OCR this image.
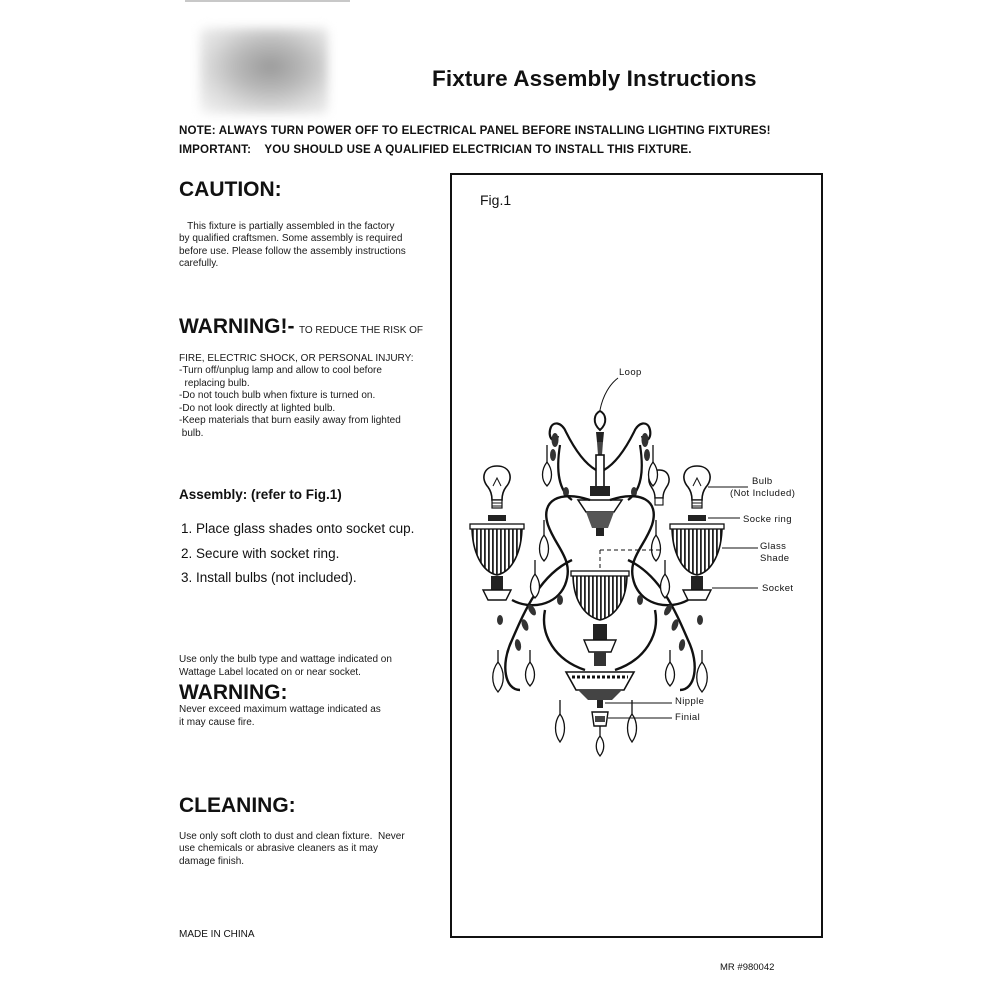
Fixture Assembly Instructions
NOTE: ALWAYS TURN POWER OFF TO ELECTRICAL PANEL BEFORE INSTALLING LIGHTING FIXTURES!
IMPORTANT:    YOU SHOULD USE A QUALIFIED ELECTRICIAN TO INSTALL THIS FIXTURE.
CAUTION:

This fixture is partially assembled in the factory
by qualified craftsmen. Some assembly is required
before use. Please follow the assembly instructions
carefully.
WARNING!- TO REDUCE THE RISK OF

FIRE, ELECTRIC SHOCK, OR PERSONAL INJURY:
-Turn off/unplug lamp and allow to cool before
replacing bulb.
-Do not touch bulb when fixture is turned on.
-Do not look directly at lighted bulb.
-Keep materials that burn easily away from lighted
bulb.
Assembly: (refer to Fig.1)
1. Place glass shades onto socket cup.
2. Secure with socket ring.
3. Install bulbs (not included).
Use only the bulb type and wattage indicated on
Wattage Label located on or near socket.
WARNING:
Never exceed maximum wattage indicated as
it may cause fire.
CLEANING:

Use only soft cloth to dust and clean fixture.  Never
use chemicals or abrasive cleaners as it may
damage finish.
MADE IN CHINA
Fig.1
Loop
Bulb
(Not Included)
Socke ring
Glass
Shade
Socket
Nipple
Finial
MR #980042
